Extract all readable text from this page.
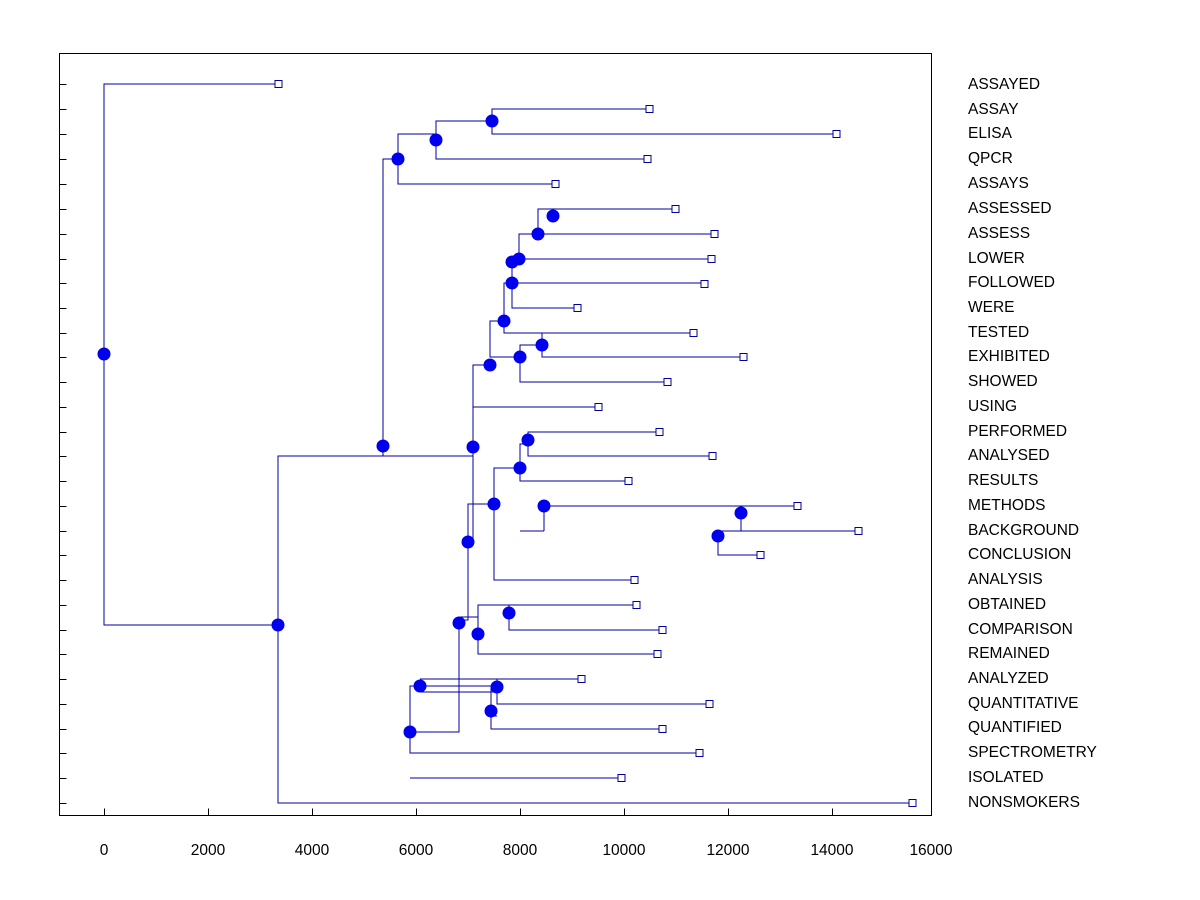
ASSAYED
ASSAY
ELISA
QPCR
ASSAYS
ASSESSED
ASSESS
LOWER
FOLLOWED
WERE
TESTED
EXHIBITED
SHOWED
USING
PERFORMED
ANALYSED
RESULTS
METHODS
BACKGROUND
CONCLUSION
ANALYSIS
OBTAINED
COMPARISON
REMAINED
ANALYZED
QUANTITATIVE
QUANTIFIED
SPECTROMETRY
ISOLATED
NONSMOKERS
0	2000	4000	6000	8000	10000	12000	14000	16000
